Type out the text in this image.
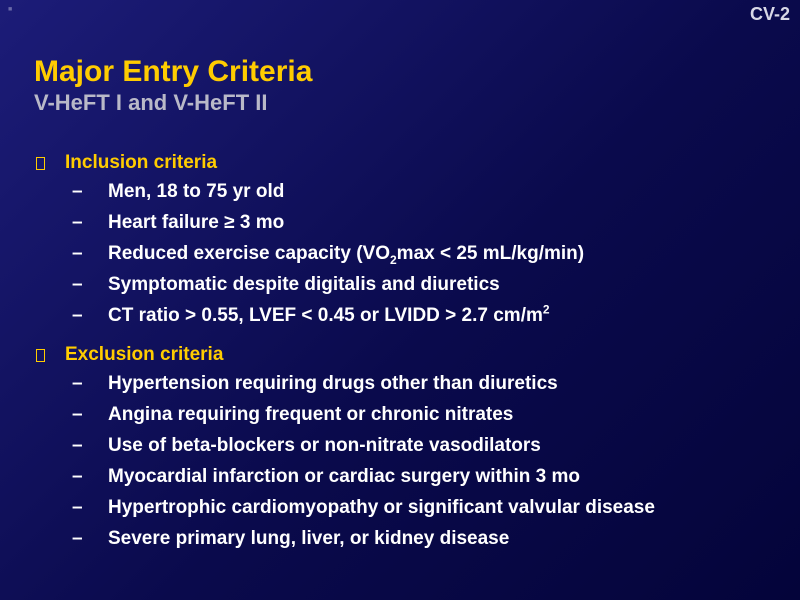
■	CV-2
Major Entry Criteria
V-HeFT I and V-HeFT II
Inclusion criteria
–	Men, 18 to 75 yr old
–	Heart failure ≥ 3 mo
–	Reduced exercise capacity ($VO_2\max < 25$ mL/kg/min)
–	Symptomatic despite digitalis and diuretics
–	CT ratio > 0.55, LVEF < 0.45 or LVIDD > 2.7 $cm/m^2$
Exclusion criteria
–	Hypertension requiring drugs other than diuretics
–	Angina requiring frequent or chronic nitrates
–	Use of beta-blockers or non-nitrate vasodilators
–	Myocardial infarction or cardiac surgery within 3 mo
–	Hypertrophic cardiomyopathy or significant valvular disease
–	Severe primary lung, liver, or kidney disease
